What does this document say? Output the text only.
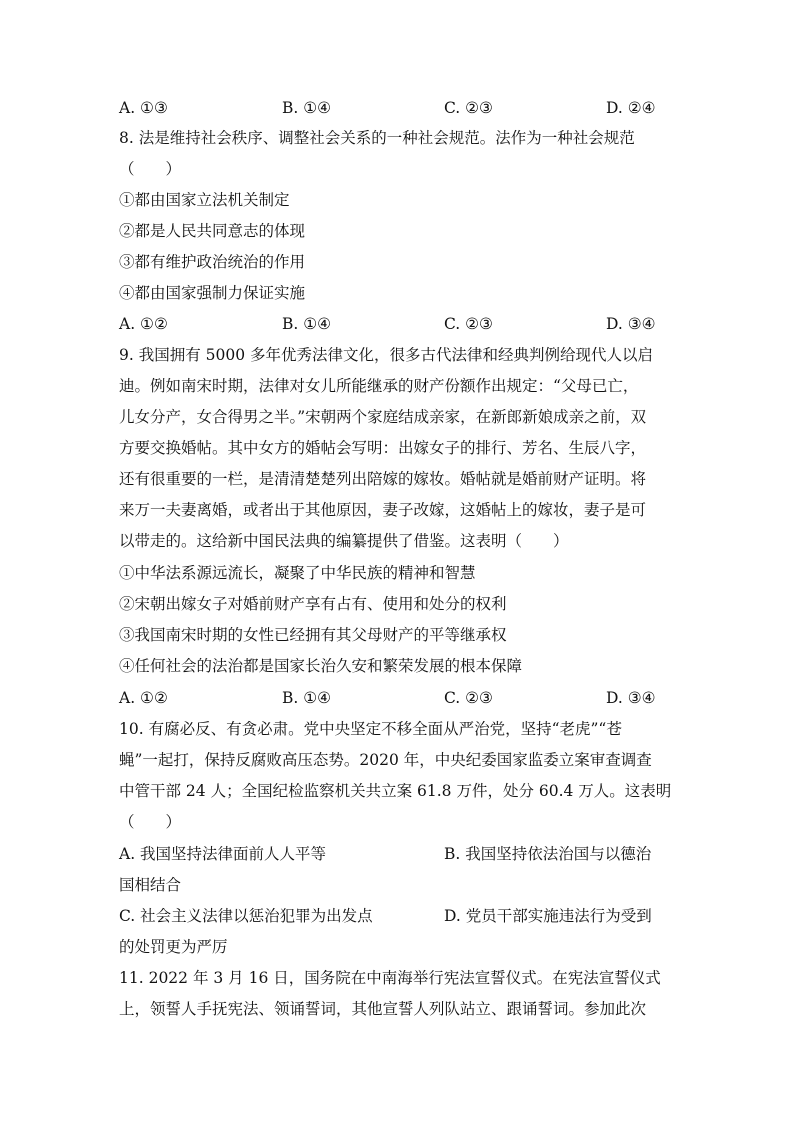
A. ①③	B. ①④	C. ②③	D. ②④
8. 法是维持社会秩序、调整社会关系的一种社会规范。法作为一种社会规范
（　　）
①都由国家立法机关制定
②都是人民共同意志的体现
③都有维护政治统治的作用
④都由国家强制力保证实施
A. ①②	B. ①④	C. ②③	D. ③④
9. 我国拥有 5000 多年优秀法律文化，很多古代法律和经典判例给现代人以启
迪。例如南宋时期，法律对女儿所能继承的财产份额作出规定：“父母已亡，
儿女分产，女合得男之半。”宋朝两个家庭结成亲家，在新郎新娘成亲之前，双
方要交换婚帖。其中女方的婚帖会写明：出嫁女子的排行、芳名、生辰八字，
还有很重要的一栏，是清清楚楚列出陪嫁的嫁妆。婚帖就是婚前财产证明。将
来万一夫妻离婚，或者出于其他原因，妻子改嫁，这婚帖上的嫁妆，妻子是可
以带走的。这给新中国民法典的编纂提供了借鉴。这表明（　　）
①中华法系源远流长，凝聚了中华民族的精神和智慧
②宋朝出嫁女子对婚前财产享有占有、使用和处分的权利
③我国南宋时期的女性已经拥有其父母财产的平等继承权
④任何社会的法治都是国家长治久安和繁荣发展的根本保障
A. ①②	B. ①④	C. ②③	D. ③④
10. 有腐必反、有贪必肃。党中央坚定不移全面从严治党，坚持“老虎”“苍
蝇”一起打，保持反腐败高压态势。2020 年，中央纪委国家监委立案审查调查
中管干部 24 人；全国纪检监察机关共立案 61.8 万件，处分 60.4 万人。这表明
（　　）
A. 我国坚持法律面前人人平等	B. 我国坚持依法治国与以德治
国相结合
C. 社会主义法律以惩治犯罪为出发点	D. 党员干部实施违法行为受到
的处罚更为严厉
11. 2022 年 3 月 16 日，国务院在中南海举行宪法宣誓仪式。在宪法宣誓仪式
上，领誓人手抚宪法、领诵誓词，其他宣誓人列队站立、跟诵誓词。参加此次
